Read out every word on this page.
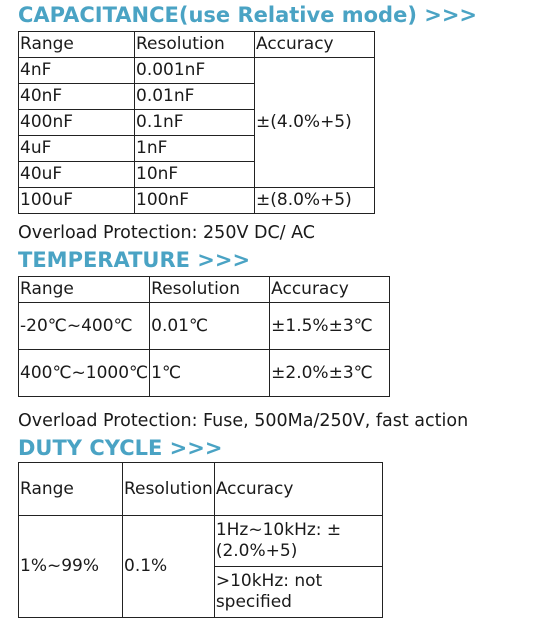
CAPACITANCE(use Relative mode) >>>
Range	Resolution	Accuracy
4nF	0.001nF	±(4.0%+5)
40nF	0.01nF	
400nF	0.1nF	
4uF	1nF	
40uF	10nF	
100uF	100nF	±(8.0%+5)

Overload Protection: 250V DC/ AC

TEMPERATURE >>>
Range	Resolution	Accuracy
-20℃~400℃	0.01℃	±1.5%±3℃
400℃~1000℃	1℃	±2.0%±3℃

Overload Protection: Fuse, 500Ma/250V, fast action

DUTY CYCLE >>>
Range	Resolution	Accuracy
1%~99%	0.1%	1Hz~10kHz: ±(2.0%+5)
		>10kHz: not specified
